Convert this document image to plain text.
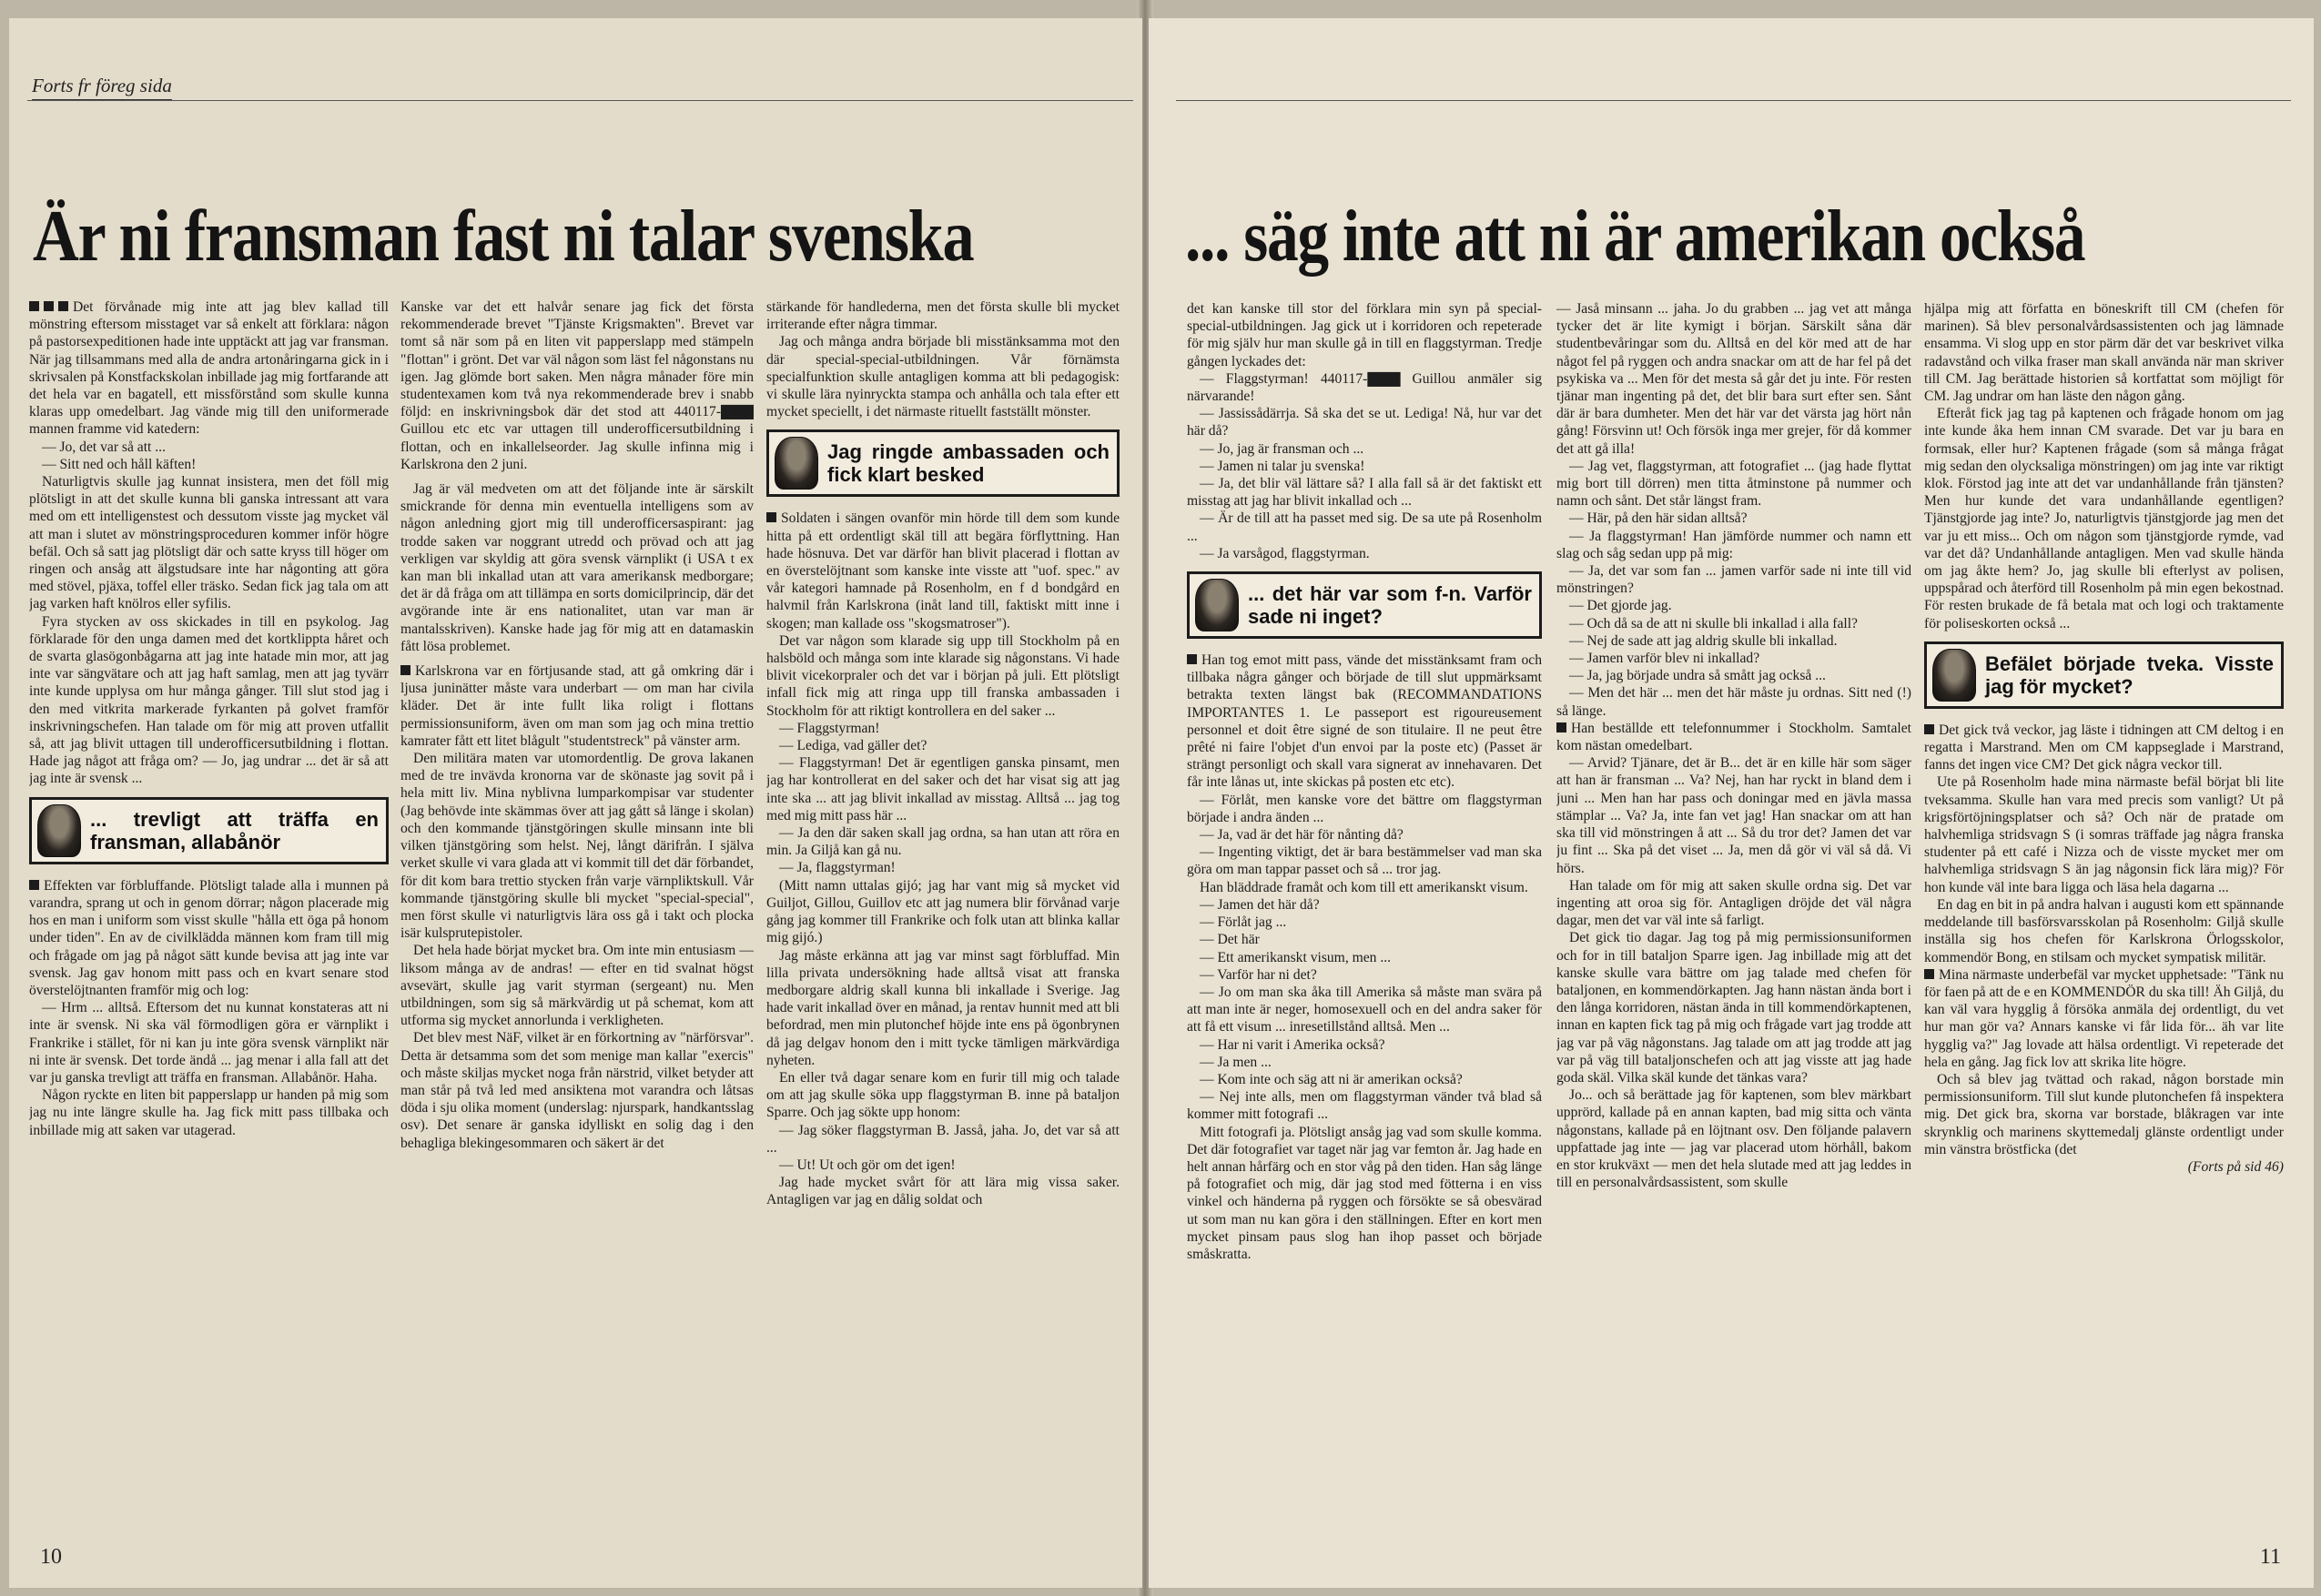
Forts fr föreg sida
Är ni fransman fast ni talar svenska

Det förvånade mig inte att jag blev kallad till mönstring eftersom misstaget var så enkelt att förklara: någon på pastorsexpeditionen hade inte upptäckt att jag var fransman. När jag tillsammans med alla de andra artonåringarna gick in i skrivsalen på Konstfackskolan inbillade jag mig fortfarande att det hela var en bagatell, ett missförstånd som skulle kunna klaras upp omedelbart. Jag vände mig till den uniformerade mannen framme vid katedern:

— Jo, det var så att ...

— Sitt ned och håll käften!

Naturligtvis skulle jag kunnat insistera, men det föll mig plötsligt in att det skulle kunna bli ganska intressant att vara med om ett intelligenstest och dessutom visste jag mycket väl att man i slutet av mönstringsproceduren kommer inför högre befäl. Och så satt jag plötsligt där och satte kryss till höger om ringen och ansåg att älgstudsare inte har någonting att göra med stövel, pjäxa, toffel eller träsko. Sedan fick jag tala om att jag varken haft knölros eller syfilis.

Fyra stycken av oss skickades in till en psykolog. Jag förklarade för den unga damen med det kortklippta håret och de svarta glasögonbågarna att jag inte hatade min mor, att jag inte var sängvätare och att jag haft samlag, men att jag tyvärr inte kunde upplysa om hur många gånger. Till slut stod jag i den med vitkrita markerade fyrkanten på golvet framför inskrivningschefen. Han talade om för mig att proven utfallit så, att jag blivit uttagen till underofficersutbildning i flottan. Hade jag något att fråga om? — Jo, jag undrar ... det är så att jag inte är svensk ...

... trevligt att träffa en fransman, allabånör

Effekten var förbluffande. Plötsligt talade alla i munnen på varandra, sprang ut och in genom dörrar; någon placerade mig hos en man i uniform som visst skulle "hålla ett öga på honom under tiden". En av de civilklädda männen kom fram till mig och frågade om jag på något sätt kunde bevisa att jag inte var svensk. Jag gav honom mitt pass och en kvart senare stod överstelöjtnanten framför mig och log:

— Hrm ... alltså. Eftersom det nu kunnat konstateras att ni inte är svensk. Ni ska väl förmodligen göra er värnplikt i Frankrike i stället, för ni kan ju inte göra svensk värnplikt när ni inte är svensk. Det torde ändå ... jag menar i alla fall att det var ju ganska trevligt att träffa en fransman. Allabånör. Haha.

Någon ryckte en liten bit papperslapp ur handen på mig som jag nu inte längre skulle ha. Jag fick mitt pass tillbaka och inbillade mig att saken var utagerad.

Kanske var det ett halvår senare jag fick det första rekommenderade brevet "Tjänste Krigsmakten". Brevet var tomt så när som på en liten vit papperslapp med stämpeln "flottan" i grönt. Det var väl någon som läst fel någonstans nu igen. Jag glömde bort saken. Men några månader före min studentexamen kom två nya rekommenderade brev i snabb följd: en inskrivningsbok där det stod att 440117-▇▇▇ Guillou etc etc var uttagen till underofficersutbildning i flottan, och en inkallelseorder. Jag skulle infinna mig i Karlskrona den 2 juni.

Jag är väl medveten om att det följande inte är särskilt smickrande för denna min eventuella intelligens som av någon anledning gjort mig till underofficersaspirant: jag trodde saken var noggrant utredd och prövad och att jag verkligen var skyldig att göra svensk värnplikt (i USA t ex kan man bli inkallad utan att vara amerikansk medborgare; det är då fråga om att tillämpa en sorts domicilprincip, där det avgörande inte är ens nationalitet, utan var man är mantalsskriven). Kanske hade jag för mig att en datamaskin fått lösa problemet.

Karlskrona var en förtjusande stad, att gå omkring där i ljusa juninätter måste vara underbart — om man har civila kläder. Det är inte fullt lika roligt i flottans permissionsuniform, även om man som jag och mina trettio kamrater fått ett litet blågult "studentstreck" på vänster arm.

Den militära maten var utomordentlig. De grova lakanen med de tre invävda kronorna var de skönaste jag sovit på i hela mitt liv. Mina nyblivna lumparkompisar var studenter (Jag behövde inte skämmas över att jag gått så länge i skolan) och den kommande tjänstgöringen skulle minsann inte bli vilken tjänstgöring som helst. Nej, långt därifrån. I själva verket skulle vi vara glada att vi kommit till det där förbandet, för dit kom bara trettio stycken från varje värnpliktskull. Vår kommande tjänstgöring skulle bli mycket "special-special", men först skulle vi naturligtvis lära oss gå i takt och plocka isär kulsprutepistoler.

Det hela hade börjat mycket bra. Om inte min entusiasm — liksom många av de andras! — efter en tid svalnat högst avsevärt, skulle jag varit styrman (sergeant) nu. Men utbildningen, som sig så märkvärdig ut på schemat, kom att utforma sig mycket annorlunda i verkligheten.

Det blev mest NäF, vilket är en förkortning av "närförsvar". Detta är detsamma som det som menige man kallar "exercis" och måste skiljas mycket noga från närstrid, vilket betyder att man står på två led med ansiktena mot varandra och låtsas döda i sju olika moment (underslag: njurspark, handkantsslag osv). Det senare är ganska idylliskt en solig dag i den behagliga blekingesommaren och säkert är det

stärkande för handlederna, men det första skulle bli mycket irriterande efter några timmar.

Jag och många andra började bli misstänksamma mot den där special-special-utbildningen. Vår förnämsta specialfunktion skulle antagligen komma att bli pedagogisk: vi skulle lära nyinryckta stampa och anhålla och tala efter ett mycket speciellt, i det närmaste rituellt fastställt mönster.

Jag ringde ambassaden och fick klart besked

Soldaten i sängen ovanför min hörde till dem som kunde hitta på ett ordentligt skäl till att begära förflyttning. Han hade hösnuva. Det var därför han blivit placerad i flottan av en överstelöjtnant som kanske inte visste att "uof. spec." av vår kategori hamnade på Rosenholm, en f d bondgård en halvmil från Karlskrona (inåt land till, faktiskt mitt inne i skogen; man kallade oss "skogsmatroser").

Det var någon som klarade sig upp till Stockholm på en halsböld och många som inte klarade sig någonstans. Vi hade blivit vicekorpraler och det var i början på juli. Ett plötsligt infall fick mig att ringa upp till franska ambassaden i Stockholm för att riktigt kontrollera en del saker ...

— Flaggstyrman!

— Lediga, vad gäller det?

— Flaggstyrman! Det är egentligen ganska pinsamt, men jag har kontrollerat en del saker och det har visat sig att jag inte ska ... att jag blivit inkallad av misstag. Alltså ... jag tog med mig mitt pass här ...

— Ja den där saken skall jag ordna, sa han utan att röra en min. Ja Giljå kan gå nu.

— Ja, flaggstyrman!

(Mitt namn uttalas gijó; jag har vant mig så mycket vid Guiljot, Gillou, Guillov etc att jag numera blir förvånad varje gång jag kommer till Frankrike och folk utan att blinka kallar mig gijó.)

Jag måste erkänna att jag var minst sagt förbluffad. Min lilla privata undersökning hade alltså visat att franska medborgare aldrig skall kunna bli inkallade i Sverige. Jag hade varit inkallad över en månad, ja rentav hunnit med att bli befordrad, men min plutonchef höjde inte ens på ögonbrynen då jag delgav honom den i mitt tycke tämligen märkvärdiga nyheten.

En eller två dagar senare kom en furir till mig och talade om att jag skulle söka upp flaggstyrman B. inne på bataljon Sparre. Och jag sökte upp honom:

— Jag söker flaggstyrman B. Jasså, jaha. Jo, det var så att ...

— Ut! Ut och gör om det igen!

Jag hade mycket svårt för att lära mig vissa saker. Antagligen var jag en dålig soldat och

10
... säg inte att ni är amerikan också

det kan kanske till stor del förklara min syn på special-special-utbildningen. Jag gick ut i korridoren och repeterade för mig själv hur man skulle gå in till en flaggstyrman. Tredje gången lyckades det:

— Flaggstyrman! 440117-▇▇▇ Guillou anmäler sig närvarande!

— Jassissådärrja. Så ska det se ut. Lediga! Nå, hur var det här då?

— Jo, jag är fransman och ...

— Jamen ni talar ju svenska!

— Ja, det blir väl lättare så? I alla fall så är det faktiskt ett misstag att jag har blivit inkallad och ...

— Är de till att ha passet med sig. De sa ute på Rosenholm ...

— Ja varsågod, flaggstyrman.

... det här var som f-n. Varför sade ni inget?

Han tog emot mitt pass, vände det misstänksamt fram och tillbaka några gånger och började de till slut uppmärksamt betrakta texten längst bak (RECOMMANDATIONS IMPORTANTES 1. Le passeport est rigoureusement personnel et doit être signé de son titulaire. Il ne peut être prêté ni faire l'objet d'un envoi par la poste etc) (Passet är strängt personligt och skall vara signerat av innehavaren. Det får inte lånas ut, inte skickas på posten etc etc).

— Förlåt, men kanske vore det bättre om flaggstyrman började i andra änden ...

— Ja, vad är det här för nånting då?

— Ingenting viktigt, det är bara bestämmelser vad man ska göra om man tappar passet och så ... tror jag.

Han bläddrade framåt och kom till ett amerikanskt visum.

— Jamen det här då?

— Förlåt jag ...

— Det här

— Ett amerikanskt visum, men ...

— Varför har ni det?

— Jo om man ska åka till Amerika så måste man svära på att man inte är neger, homosexuell och en del andra saker för att få ett visum ... inresetillstånd alltså. Men ...

— Har ni varit i Amerika också?

— Ja men ...

— Kom inte och säg att ni är amerikan också?

— Nej inte alls, men om flaggstyrman vänder två blad så kommer mitt fotografi ...

Mitt fotografi ja. Plötsligt ansåg jag vad som skulle komma. Det där fotografiet var taget när jag var femton år. Jag hade en helt annan hårfärg och en stor våg på den tiden. Han såg länge på fotografiet och mig, där jag stod med fötterna i en viss vinkel och händerna på ryggen och försökte se så obesvärad ut som man nu kan göra i den ställningen. Efter en kort men mycket pinsam paus slog han ihop passet och började småskratta.

— Jaså minsann ... jaha. Jo du grabben ... jag vet att många tycker det är lite kymigt i början. Särskilt såna där studentbevåringar som du. Alltså en del kör med att de har något fel på ryggen och andra snackar om att de har fel på det psykiska va ... Men för det mesta så går det ju inte. För resten tjänar man ingenting på det, det blir bara surt efter sen. Sånt där är bara dumheter. Men det här var det värsta jag hört nån gång! Försvinn ut! Och försök inga mer grejer, för då kommer det att gå illa!

— Jag vet, flaggstyrman, att fotografiet ... (jag hade flyttat mig bort till dörren) men titta åtminstone på nummer och namn och sånt. Det står längst fram.

— Här, på den här sidan alltså?

— Ja flaggstyrman! Han jämförde nummer och namn ett slag och såg sedan upp på mig:

— Ja, det var som fan ... jamen varför sade ni inte till vid mönstringen?

— Det gjorde jag.

— Och då sa de att ni skulle bli inkallad i alla fall?

— Nej de sade att jag aldrig skulle bli inkallad.

— Jamen varför blev ni inkallad?

— Ja, jag började undra så smått jag också ...

— Men det här ... men det här måste ju ordnas. Sitt ned (!) så länge.

Han beställde ett telefonnummer i Stockholm. Samtalet kom nästan omedelbart.

— Arvid? Tjänare, det är B... det är en kille här som säger att han är fransman ... Va? Nej, han har ryckt in bland dem i juni ... Men han har pass och doningar med en jävla massa stämplar ... Va? Ja, inte fan vet jag! Han snackar om att han ska till vid mönstringen å att ... Så du tror det? Jamen det var ju fint ... Ska på det viset ... Ja, men då gör vi väl så då. Vi hörs.

Han talade om för mig att saken skulle ordna sig. Det var ingenting att oroa sig för. Antagligen dröjde det väl några dagar, men det var väl inte så farligt.

Det gick tio dagar. Jag tog på mig permissionsuniformen och for in till bataljon Sparre igen. Jag inbillade mig att det kanske skulle vara bättre om jag talade med chefen för bataljonen, en kommendörkapten. Jag hann nästan ända bort i den långa korridoren, nästan ända in till kommendörkaptenen, innan en kapten fick tag på mig och frågade vart jag trodde att jag var på väg någonstans. Jag talade om att jag trodde att jag var på väg till bataljonschefen och att jag visste att jag hade goda skäl. Vilka skäl kunde det tänkas vara?

Jo... och så berättade jag för kaptenen, som blev märkbart upprörd, kallade på en annan kapten, bad mig sitta och vänta någonstans, kallade på en löjtnant osv. Den följande palavern uppfattade jag inte — jag var placerad utom hörhåll, bakom en stor krukväxt — men det hela slutade med att jag leddes in till en personalvårdsassistent, som skulle

hjälpa mig att författa en böneskrift till CM (chefen för marinen). Så blev personalvårdsassistenten och jag lämnade ensamma. Vi slog upp en stor pärm där det var beskrivet vilka radavstånd och vilka fraser man skall använda när man skriver till CM. Jag berättade historien så kortfattat som möjligt för CM. Jag undrar om han läste den någon gång.

Efteråt fick jag tag på kaptenen och frågade honom om jag inte kunde åka hem innan CM svarade. Det var ju bara en formsak, eller hur? Kaptenen frågade (som så många frågat mig sedan den olycksaliga mönstringen) om jag inte var riktigt klok. Förstod jag inte att det var undanhållande från tjänsten? Men hur kunde det vara undanhållande egentligen? Tjänstgjorde jag inte? Jo, naturligtvis tjänstgjorde jag men det var ju ett miss... Och om någon som tjänstgjorde rymde, vad var det då? Undanhållande antagligen. Men vad skulle hända om jag åkte hem? Jo, jag skulle bli efterlyst av polisen, uppspårad och återförd till Rosenholm på min egen bekostnad. För resten brukade de få betala mat och logi och traktamente för poliseskorten också ...

Befälet började tveka. Visste jag för mycket?

Det gick två veckor, jag läste i tidningen att CM deltog i en regatta i Marstrand. Men om CM kappseglade i Marstrand, fanns det ingen vice CM? Det gick några veckor till.

Ute på Rosenholm hade mina närmaste befäl börjat bli lite tveksamma. Skulle han vara med precis som vanligt? Ut på krigsförtöjningsplatser och så? Och när de pratade om halvhemliga stridsvagn S (i somras träffade jag några franska studenter på ett café i Nizza och de visste mycket mer om halvhemliga stridsvagn S än jag någonsin fick lära mig)? För hon kunde väl inte bara ligga och läsa hela dagarna ...

En dag en bit in på andra halvan i augusti kom ett spännande meddelande till basförsvarsskolan på Rosenholm: Giljå skulle inställa sig hos chefen för Karlskrona Örlogsskolor, kommendör Bong, en stilsam och mycket sympatisk militär.

Mina närmaste underbefäl var mycket upphetsade: "Tänk nu för faen på att de e en KOMMENDÖR du ska till! Äh Giljå, du kan väl vara hygglig å försöka anmäla dej ordentligt, du vet hur man gör va? Annars kanske vi får lida för... äh var lite hygglig va?" Jag lovade att hälsa ordentligt. Vi repeterade det hela en gång. Jag fick lov att skrika lite högre.

Och så blev jag tvättad och rakad, någon borstade min permissionsuniform. Till slut kunde plutonchefen få inspektera mig. Det gick bra, skorna var borstade, blåkragen var inte skrynklig och marinens skyttemedalj glänste ordentligt under min vänstra bröstficka (det

(Forts på sid 46)

11
